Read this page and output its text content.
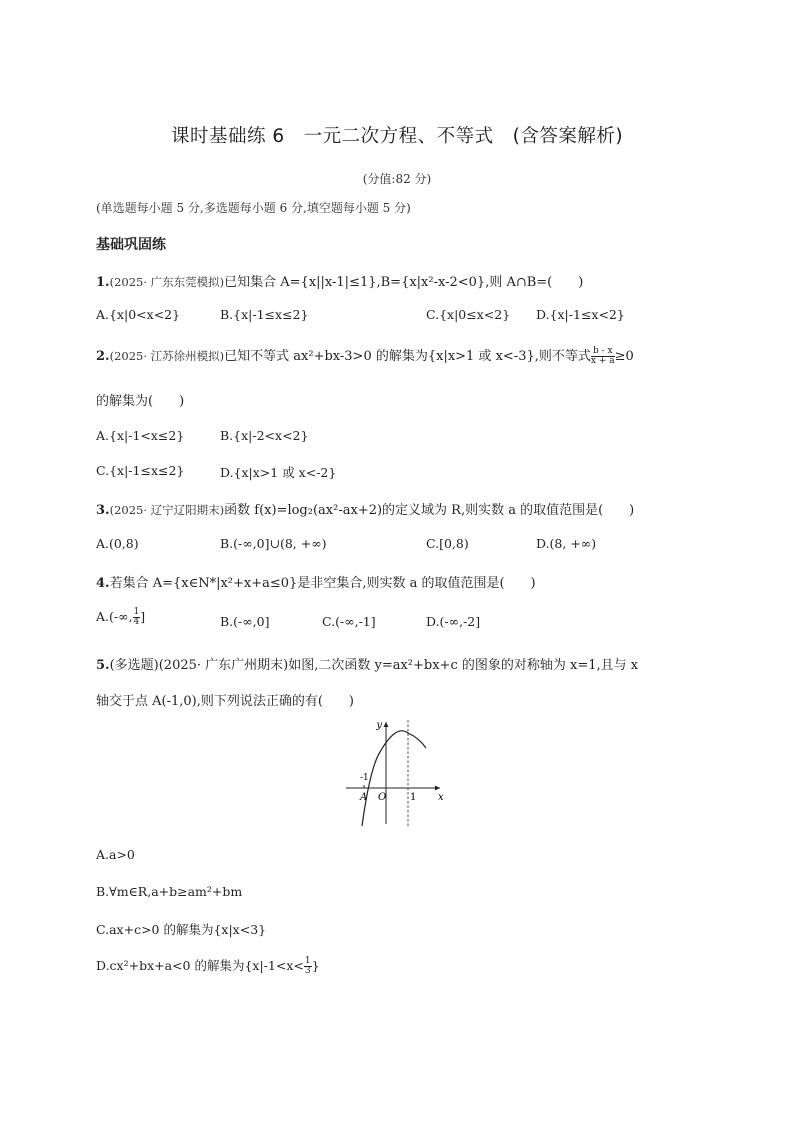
课时基础练 6　一元二次方程、不等式　(含答案解析)
(分值:82 分)
(单选题每小题 5 分,多选题每小题 6 分,填空题每小题 5 分)
基础巩固练
1.(2025· 广东东莞模拟)已知集合 A={x||x-1|≤1},B={x|x²-x-2<0},则 A∩B=(　　)
A.{x|0<x<2}	B.{x|-1≤x≤2}	C.{x|0≤x<2} D.{x|-1≤x<2}
2.(2025· 江苏徐州模拟)已知不等式 ax²+bx-3>0 的解集为{x|x>1 或 x<-3},则不等式 $\frac{b - x}{x + a} \ge 0$
的解集为(　　)
A.{x|-1<x≤2}	B.{x|-2<x<2}
C.{x|-1≤x≤2}	D.{x|x>1 或 x<-2}
3.(2025· 辽宁辽阳期末)函数 f(x)=log₂(ax²-ax+2)的定义域为 R,则实数 a 的取值范围是(　　)
A.(0,8)	B.(-∞,0]∪(8, +∞)	C.[0,8)	D.(8, +∞)
4.若集合 A={x∈N*|x²+x+a≤0}是非空集合,则实数 a 的取值范围是(　　)
A.(-∞, $\frac{1}{4}$ ]	B.(-∞,0]	C.(-∞,-1]	D.(-∞,-2]
5.(多选题)(2025· 广东广州期末)如图,二次函数 y=ax²+bx+c 的图象的对称轴为 x=1,且与 x
轴交于点 A(-1,0),则下列说法正确的有(　　)
y
x
O
A	1
-1
A.a>0
B.∀m∈R,a+b≥am²+bm
C.ax+c>0 的解集为{x|x<3}
D.cx²+bx+a<0 的解集为{$x|-1<x< \frac{1}{3}$ }
